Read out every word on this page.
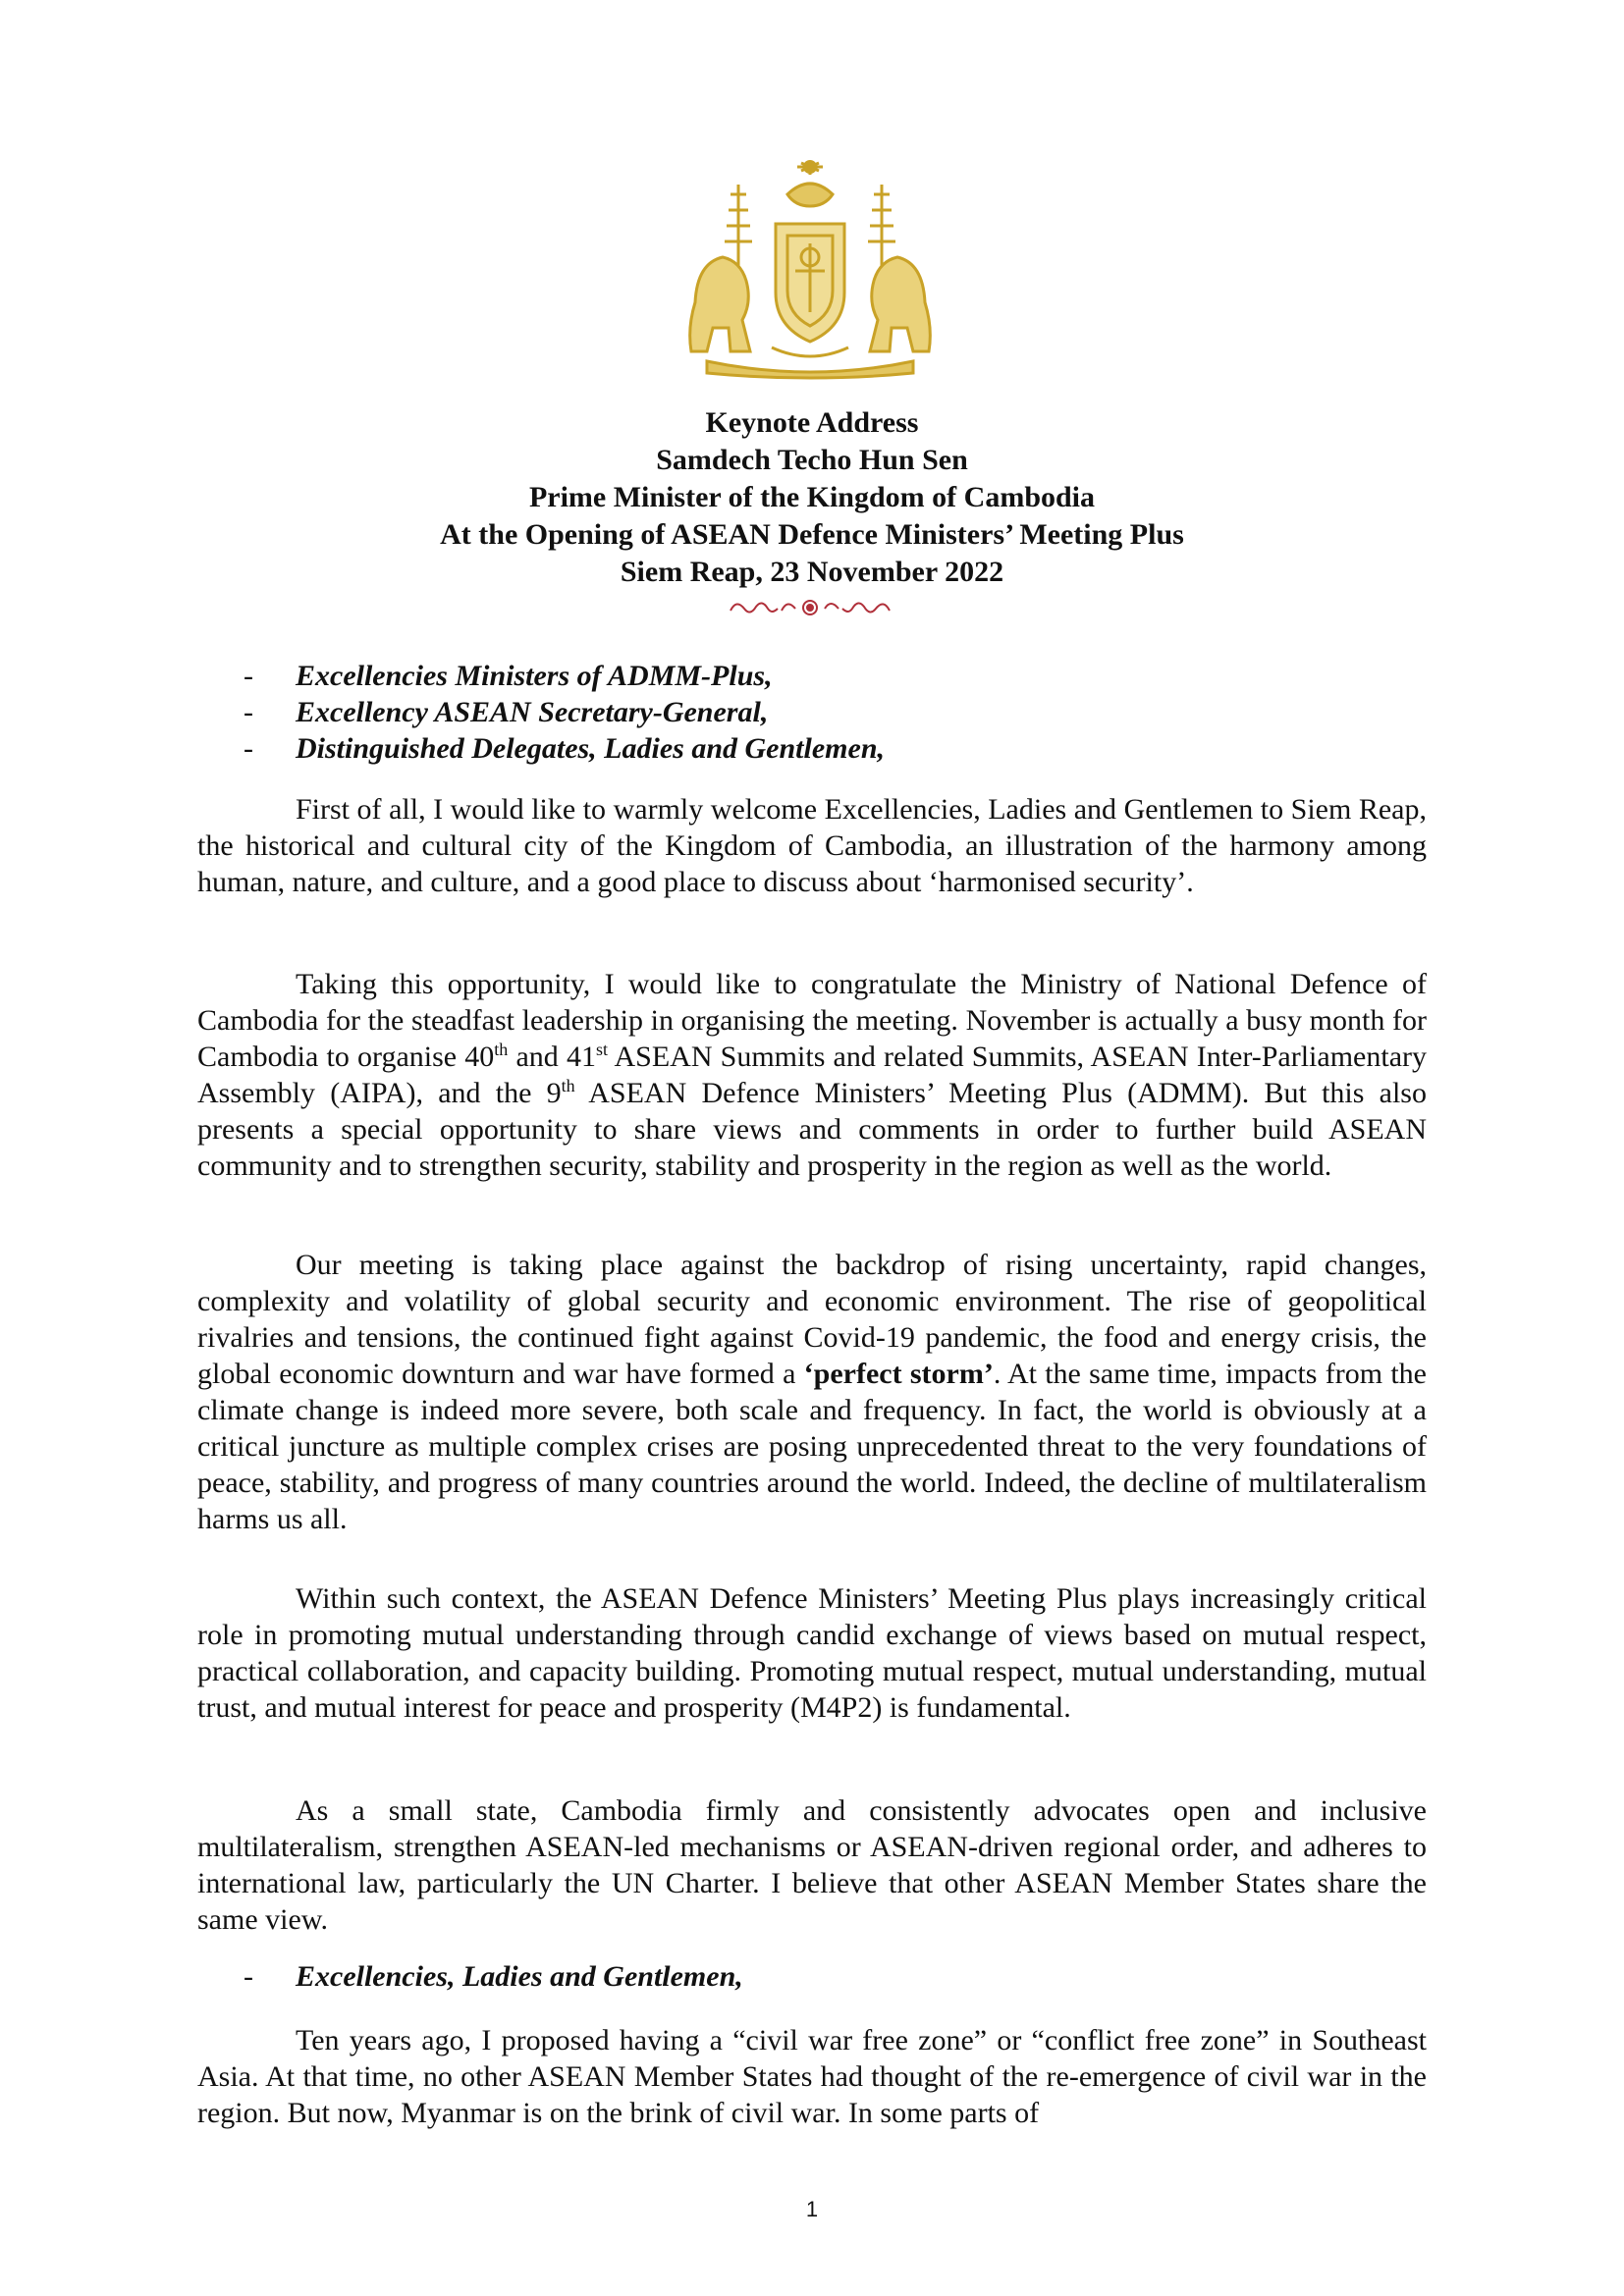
Keynote Address
Samdech Techo Hun Sen
Prime Minister of the Kingdom of Cambodia
At the Opening of ASEAN Defence Ministers’ Meeting Plus
Siem Reap, 23 November 2022
- Excellencies Ministers of ADMM-Plus,
- Excellency ASEAN Secretary-General,
- Distinguished Delegates, Ladies and Gentlemen,

First of all, I would like to warmly welcome Excellencies, Ladies and Gentlemen to Siem Reap, the historical and cultural city of the Kingdom of Cambodia, an illustration of the harmony among human, nature, and culture, and a good place to discuss about ‘harmonised security’.

Taking this opportunity, I would like to congratulate the Ministry of National Defence of Cambodia for the steadfast leadership in organising the meeting. November is actually a busy month for Cambodia to organise 40th and 41st ASEAN Summits and related Summits, ASEAN Inter-Parliamentary Assembly (AIPA), and the 9th ASEAN Defence Ministers’ Meeting Plus (ADMM). But this also presents a special opportunity to share views and comments in order to further build ASEAN community and to strengthen security, stability and prosperity in the region as well as the world.

Our meeting is taking place against the backdrop of rising uncertainty, rapid changes, complexity and volatility of global security and economic environment. The rise of geopolitical rivalries and tensions, the continued fight against Covid-19 pandemic, the food and energy crisis, the global economic downturn and war have formed a ‘perfect storm’. At the same time, impacts from the climate change is indeed more severe, both scale and frequency. In fact, the world is obviously at a critical juncture as multiple complex crises are posing unprecedented threat to the very foundations of peace, stability, and progress of many countries around the world. Indeed, the decline of multilateralism harms us all.

Within such context, the ASEAN Defence Ministers’ Meeting Plus plays increasingly critical role in promoting mutual understanding through candid exchange of views based on mutual respect, practical collaboration, and capacity building. Promoting mutual respect, mutual understanding, mutual trust, and mutual interest for peace and prosperity (M4P2) is fundamental.

As a small state, Cambodia firmly and consistently advocates open and inclusive multilateralism, strengthen ASEAN-led mechanisms or ASEAN-driven regional order, and adheres to international law, particularly the UN Charter. I believe that other ASEAN Member States share the same view.

- Excellencies, Ladies and Gentlemen,

Ten years ago, I proposed having a “civil war free zone” or “conflict free zone” in Southeast Asia. At that time, no other ASEAN Member States had thought of the re-emergence of civil war in the region. But now, Myanmar is on the brink of civil war. In some parts of

1
